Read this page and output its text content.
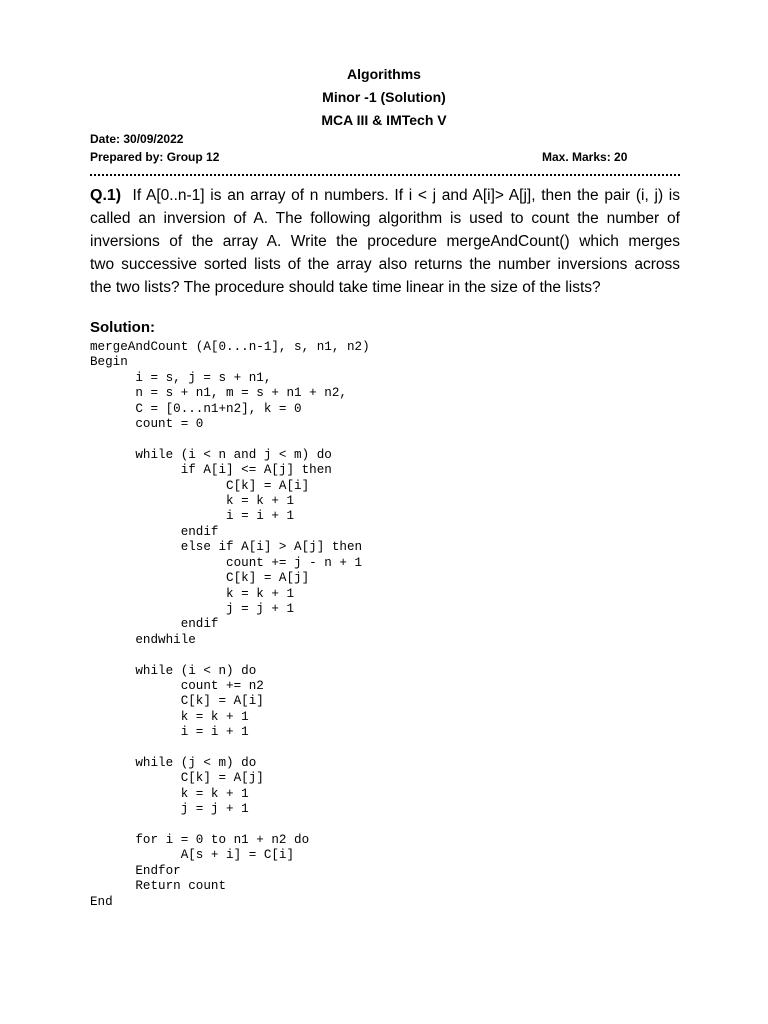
Algorithms
Minor -1 (Solution)
MCA III & IMTech V
Date: 30/09/2022
Prepared by: Group 12	Max. Marks: 20
Q.1) If A[0..n-1] is an array of n numbers. If i < j and A[i]> A[j], then the pair (i, j) is
called an inversion of A. The following algorithm is used to count the number of
inversions of the array A. Write the procedure mergeAndCount() which merges
two successive sorted lists of the array also returns the number inversions across
the two lists? The procedure should take time linear in the size of the lists?
Solution:
mergeAndCount (A[0...n-1], s, n1, n2)
Begin
i = s, j = s + n1,
n = s + n1, m = s + n1 + n2,
C = [0...n1+n2], k = 0
count = 0

while (i < n and j < m) do
if A[i] <= A[j] then
C[k] = A[i]
k = k + 1
i = i + 1
endif
else if A[i] > A[j] then
count += j - n + 1
C[k] = A[j]
k = k + 1
j = j + 1
endif
endwhile

while (i < n) do
count += n2
C[k] = A[i]
k = k + 1
i = i + 1

while (j < m) do
C[k] = A[j]
k = k + 1
j = j + 1

for i = 0 to n1 + n2 do
A[s + i] = C[i]
Endfor
Return count
End
